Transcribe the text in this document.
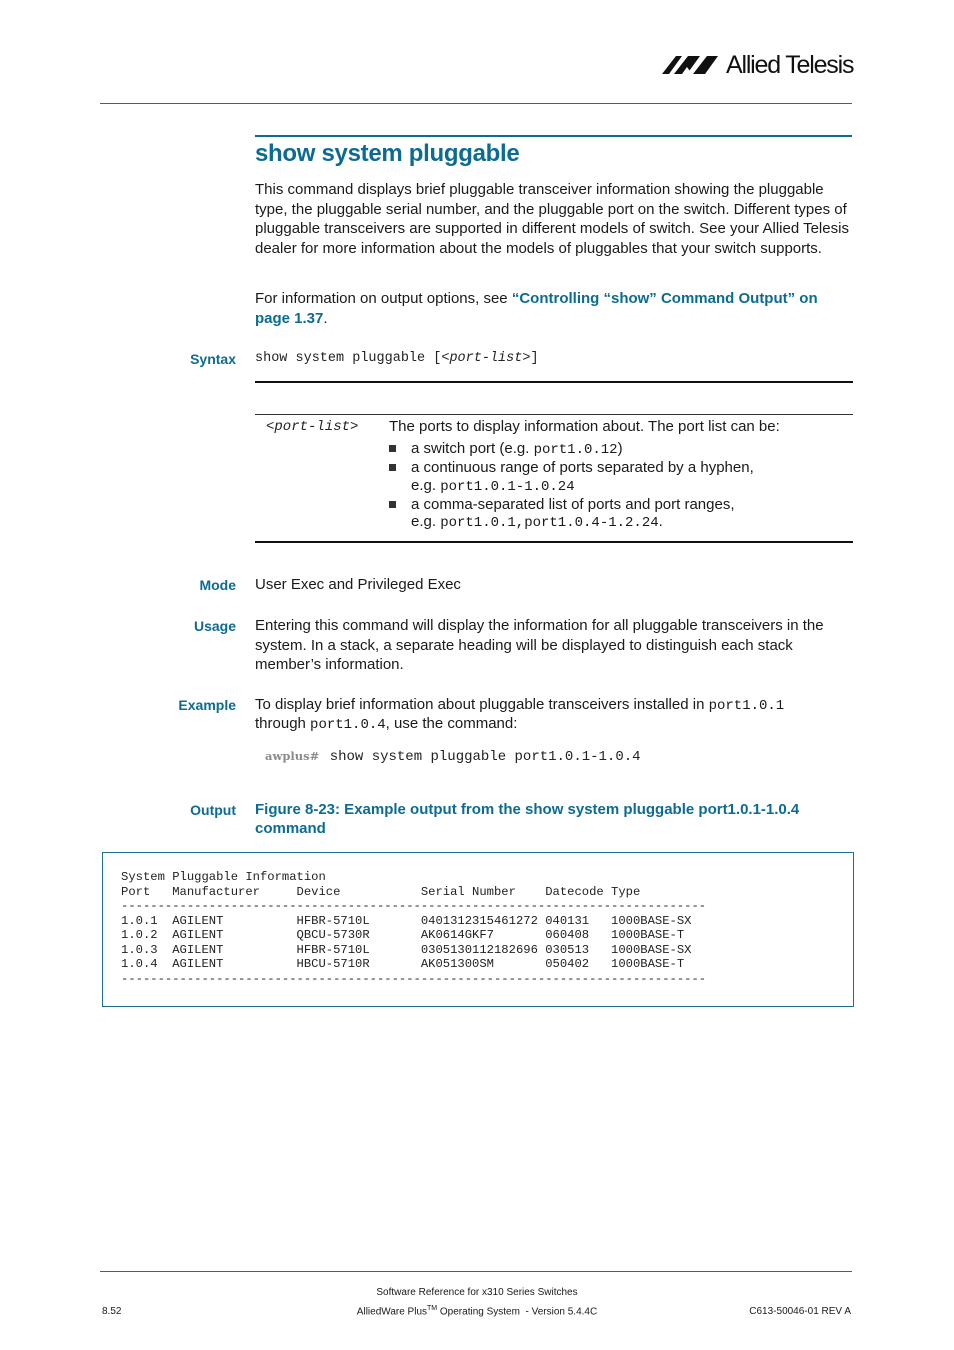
Allied Telesis
show system pluggable
This command displays brief pluggable transceiver information showing the pluggable type, the pluggable serial number, and the pluggable port on the switch. Different types of pluggable transceivers are supported in different models of switch. See your Allied Telesis dealer for more information about the models of pluggables that your switch supports.
For information on output options, see “Controlling “show” Command Output” on page 1.37.
Syntax show system pluggable [<port-list>]
<port-list> The ports to display information about. The port list can be:
a switch port (e.g. port1.0.12)
a continuous range of ports separated by a hyphen,
e.g. port1.0.1-1.0.24
a comma-separated list of ports and port ranges,
e.g. port1.0.1,port1.0.4-1.2.24.
Mode User Exec and Privileged Exec
Usage Entering this command will display the information for all pluggable transceivers in the system. In a stack, a separate heading will be displayed to distinguish each stack member’s information.
Example To display brief information about pluggable transceivers installed in port1.0.1
through port1.0.4, use the command:
awplus# show system pluggable port1.0.1-1.0.4
Output Figure 8-23: Example output from the show system pluggable port1.0.1-1.0.4
command
System Pluggable Information
Port   Manufacturer     Device           Serial Number    Datecode Type
--------------------------------------------------------------------------------
1.0.1  AGILENT          HFBR-5710L       0401312315461272 040131   1000BASE-SX
1.0.2  AGILENT          QBCU-5730R       AK0614GKF7       060408   1000BASE-T
1.0.3  AGILENT          HFBR-5710L       0305130112182696 030513   1000BASE-SX
1.0.4  AGILENT          HBCU-5710R       AK051300SM       050402   1000BASE-T
--------------------------------------------------------------------------------
Software Reference for x310 Series Switches
AlliedWare Plus™ Operating System  - Version 5.4.4C
8.52	C613-50046-01 REV A
